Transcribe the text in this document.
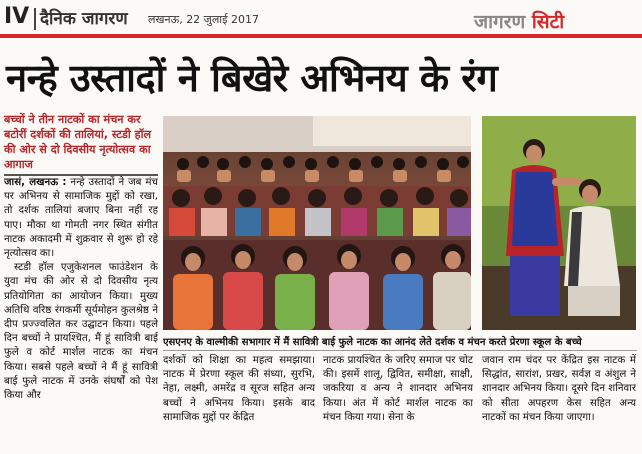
IV दैनिक जागरण लखनऊ, 22 जुलाई 2017	जागरण सिटी
नन्हे उस्तादों ने बिखेरे अभिनय के रंग
बच्चों ने तीन नाटकों का मंचन कर बटोरीं दर्शकों की तालियां, स्टडी हॉल की ओर से दो दिवसीय नृत्योत्सव का आगाज

जासं, लखनऊ : नन्हे उस्तादों ने जब मंच पर अभिनय से सामाजिक मुद्दों को रखा, तो दर्शक तालियां बजाए बिना नहीं रह पाए। मौका था गोमती नगर स्थित संगीत नाटक अकादमी में शुक्रवार से शुरू हो रहे नृत्योत्सव का।

स्टडी हॉल एजुकेशनल फाउंडेशन के युवा मंच की ओर से दो दिवसीय नृत्य प्रतियोगिता का आयोजन किया। मुख्य अतिथि वरिष्ठ रंगकर्मी सूर्यमोहन कुलश्रेष्ठ ने दीप प्रज्ज्वलित कर उद्घाटन किया। पहले दिन बच्चों ने प्रायश्चित, मैं हूं सावित्री बाई फुले व कोर्ट मार्शल नाटक का मंचन किया। सबसे पहले बच्चों ने मैं हूं सावित्री बाई फुले नाटक में उनके संघर्षों को पेश किया और

एसएनए के वाल्मीकी सभागार में मैं सावित्री बाई फुले नाटक का आनंद लेते दर्शक व मंचन करते प्रेरणा स्कूल के बच्चे

दर्शकों को शिक्षा का महत्व समझाया। नाटक में प्रेरणा स्कूल की संध्या, सुरभि, नेहा, लक्ष्मी, अमरेंद्र व सूरज सहित अन्य बच्चों ने अभिनय किया। इसके बाद सामाजिक मुद्दों पर केंद्रित

नाटक प्रायश्चित के जरिए समाज पर चोट की। इसमें शालू, द्विवित, समीक्षा, साक्षी, जकरिया व अन्य ने शानदार अभिनय किया। अंत में कोर्ट मार्शल नाटक का मंचन किया गया। सेना के

जवान राम चंदर पर केंद्रित इस नाटक में सिद्धांत, सारांश, प्रखर, सर्वज्ञ व अंशुल ने शानदार अभिनय किया। दूसरे दिन शनिवार को सीता अपहरण केस सहित अन्य नाटकों का मंचन किया जाएगा।
